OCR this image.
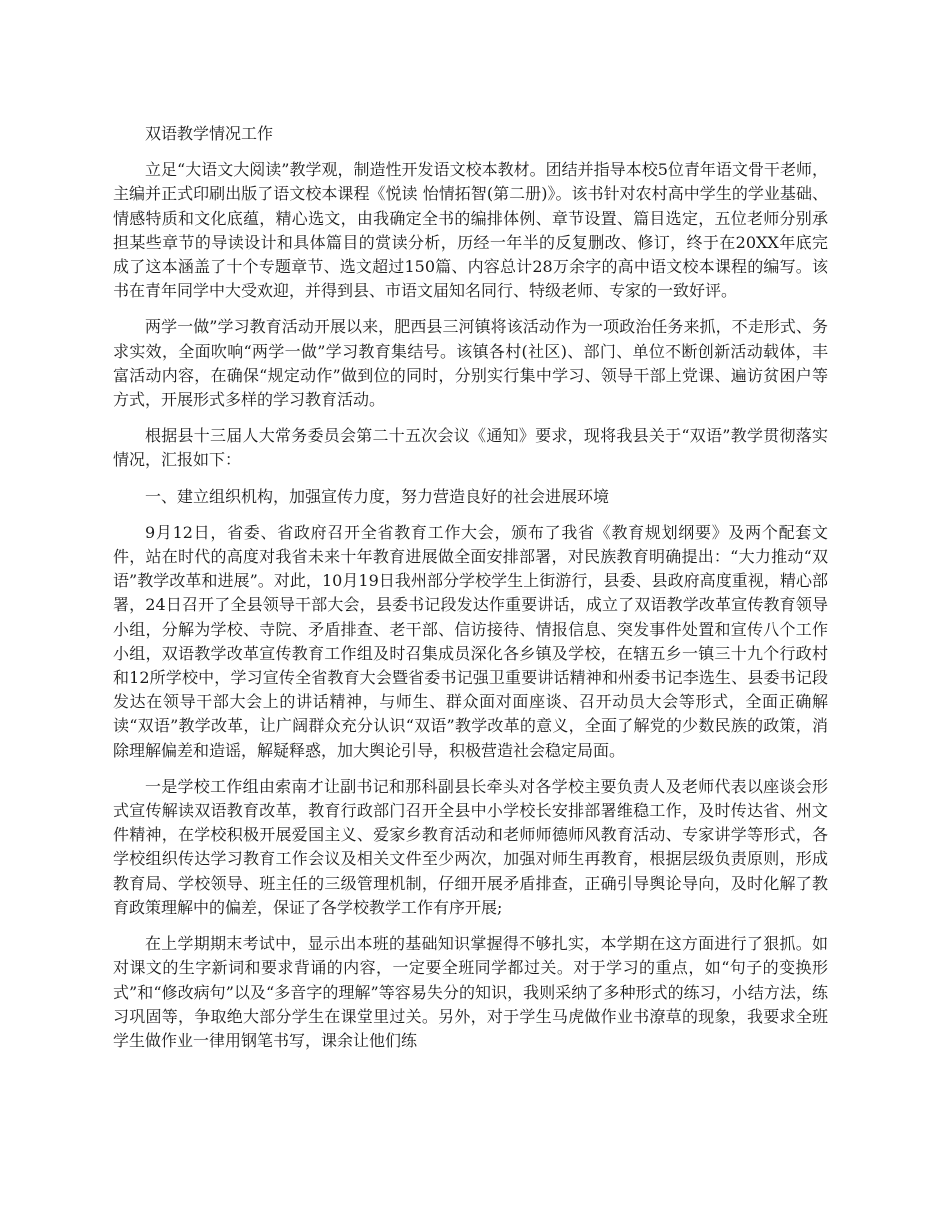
双语教学情况工作

立足“大语文大阅读”教学观，制造性开发语文校本教材。团结并指导本校5位青年语文骨干老师，主编并正式印刷出版了语文校本课程《悦读 怡情拓智(第二册)》。该书针对农村高中学生的学业基础、情感特质和文化底蕴，精心选文，由我确定全书的编排体例、章节设置、篇目选定，五位老师分别承担某些章节的导读设计和具体篇目的赏读分析，历经一年半的反复删改、修订，终于在20XX年底完成了这本涵盖了十个专题章节、选文超过150篇、内容总计28万余字的高中语文校本课程的编写。该书在青年同学中大受欢迎，并得到县、市语文届知名同行、特级老师、专家的一致好评。

两学一做”学习教育活动开展以来，肥西县三河镇将该活动作为一项政治任务来抓，不走形式、务求实效，全面吹响“两学一做”学习教育集结号。该镇各村(社区)、部门、单位不断创新活动载体，丰富活动内容，在确保“规定动作”做到位的同时，分别实行集中学习、领导干部上党课、遍访贫困户等方式，开展形式多样的学习教育活动。

根据县十三届人大常务委员会第二十五次会议《通知》要求，现将我县关于“双语”教学贯彻落实情况，汇报如下：

一、建立组织机构，加强宣传力度，努力营造良好的社会进展环境

9月12日，省委、省政府召开全省教育工作大会，颁布了我省《教育规划纲要》及两个配套文件，站在时代的高度对我省未来十年教育进展做全面安排部署，对民族教育明确提出：“大力推动“双语”教学改革和进展”。对此，10月19日我州部分学校学生上街游行，县委、县政府高度重视，精心部署，24日召开了全县领导干部大会，县委书记段发达作重要讲话，成立了双语教学改革宣传教育领导小组，分解为学校、寺院、矛盾排查、老干部、信访接待、情报信息、突发事件处置和宣传八个工作小组，双语教学改革宣传教育工作组及时召集成员深化各乡镇及学校，在辖五乡一镇三十九个行政村和12所学校中，学习宣传全省教育大会暨省委书记强卫重要讲话精神和州委书记李选生、县委书记段发达在领导干部大会上的讲话精神，与师生、群众面对面座谈、召开动员大会等形式，全面正确解读“双语”教学改革，让广阔群众充分认识“双语”教学改革的意义，全面了解党的少数民族的政策，消除理解偏差和造谣，解疑释惑，加大舆论引导，积极营造社会稳定局面。

一是学校工作组由索南才让副书记和那科副县长牵头对各学校主要负责人及老师代表以座谈会形式宣传解读双语教育改革，教育行政部门召开全县中小学校长安排部署维稳工作，及时传达省、州文件精神，在学校积极开展爱国主义、爱家乡教育活动和老师师德师风教育活动、专家讲学等形式，各学校组织传达学习教育工作会议及相关文件至少两次，加强对师生再教育，根据层级负责原则，形成教育局、学校领导、班主任的三级管理机制，仔细开展矛盾排查，正确引导舆论导向，及时化解了教育政策理解中的偏差，保证了各学校教学工作有序开展;

在上学期期末考试中，显示出本班的基础知识掌握得不够扎实，本学期在这方面进行了狠抓。如对课文的生字新词和要求背诵的内容，一定要全班同学都过关。对于学习的重点，如“句子的变换形式”和“修改病句”以及“多音字的理解”等容易失分的知识，我则采纳了多种形式的练习，小结方法，练习巩固等，争取绝大部分学生在课堂里过关。另外，对于学生马虎做作业书潦草的现象，我要求全班学生做作业一律用钢笔书写，课余让他们练
